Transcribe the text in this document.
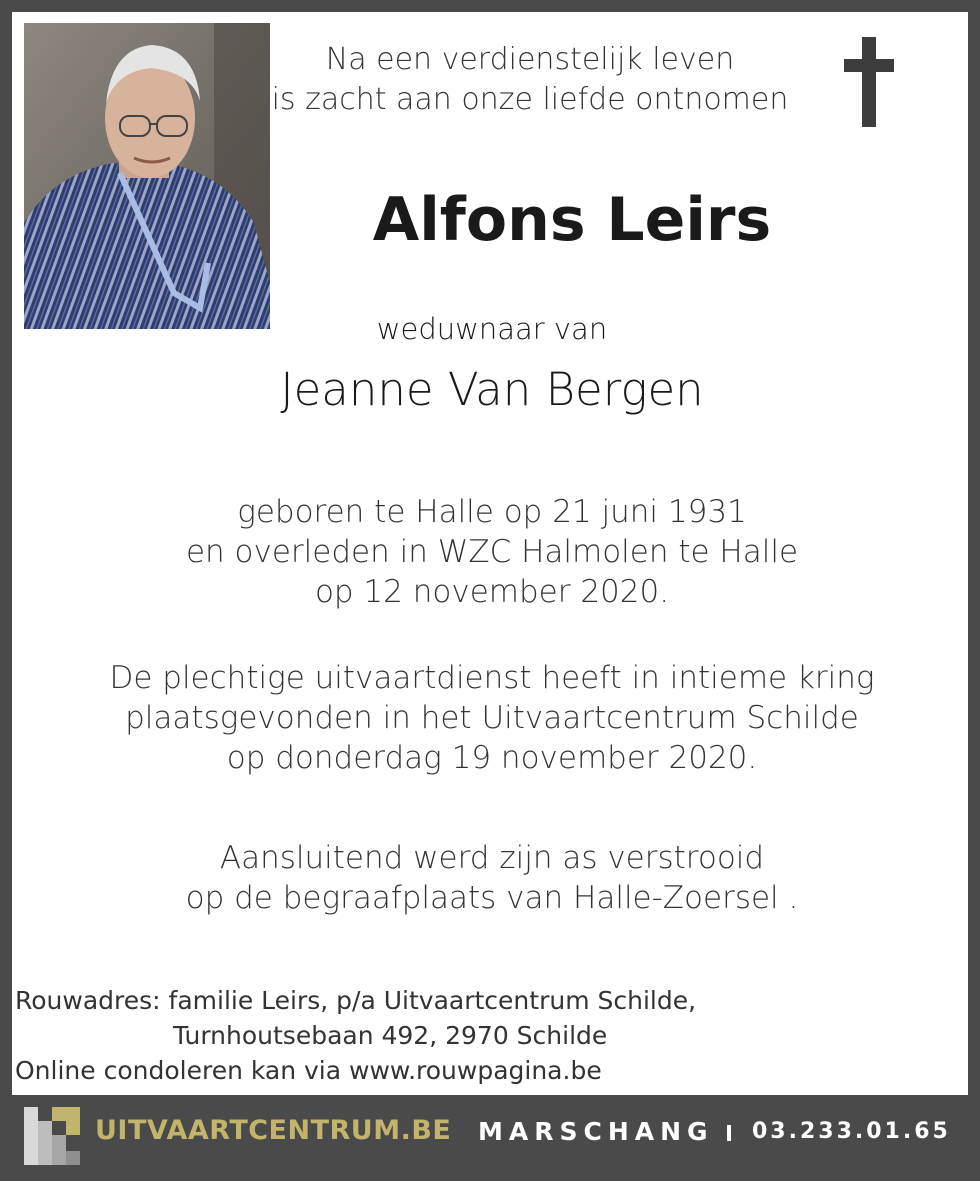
Na een verdienstelijk leven
is zacht aan onze liefde ontnomen
Alfons Leirs
weduwnaar van
Jeanne Van Bergen
geboren te Halle op 21 juni 1931
en overleden in WZC Halmolen te Halle
op 12 november 2020.
De plechtige uitvaartdienst heeft in intieme kring
plaatsgevonden in het Uitvaartcentrum Schilde
op donderdag 19 november 2020.
Aansluitend werd zijn as verstrooid
op de begraafplaats van Halle-Zoersel .
Rouwadres: familie Leirs, p/a Uitvaartcentrum Schilde,
Turnhoutsebaan 492, 2970 Schilde
Online condoleren kan via www.rouwpagina.be
UITVAARTCENTRUM.BE MARSCHANG 03.233.01.65
